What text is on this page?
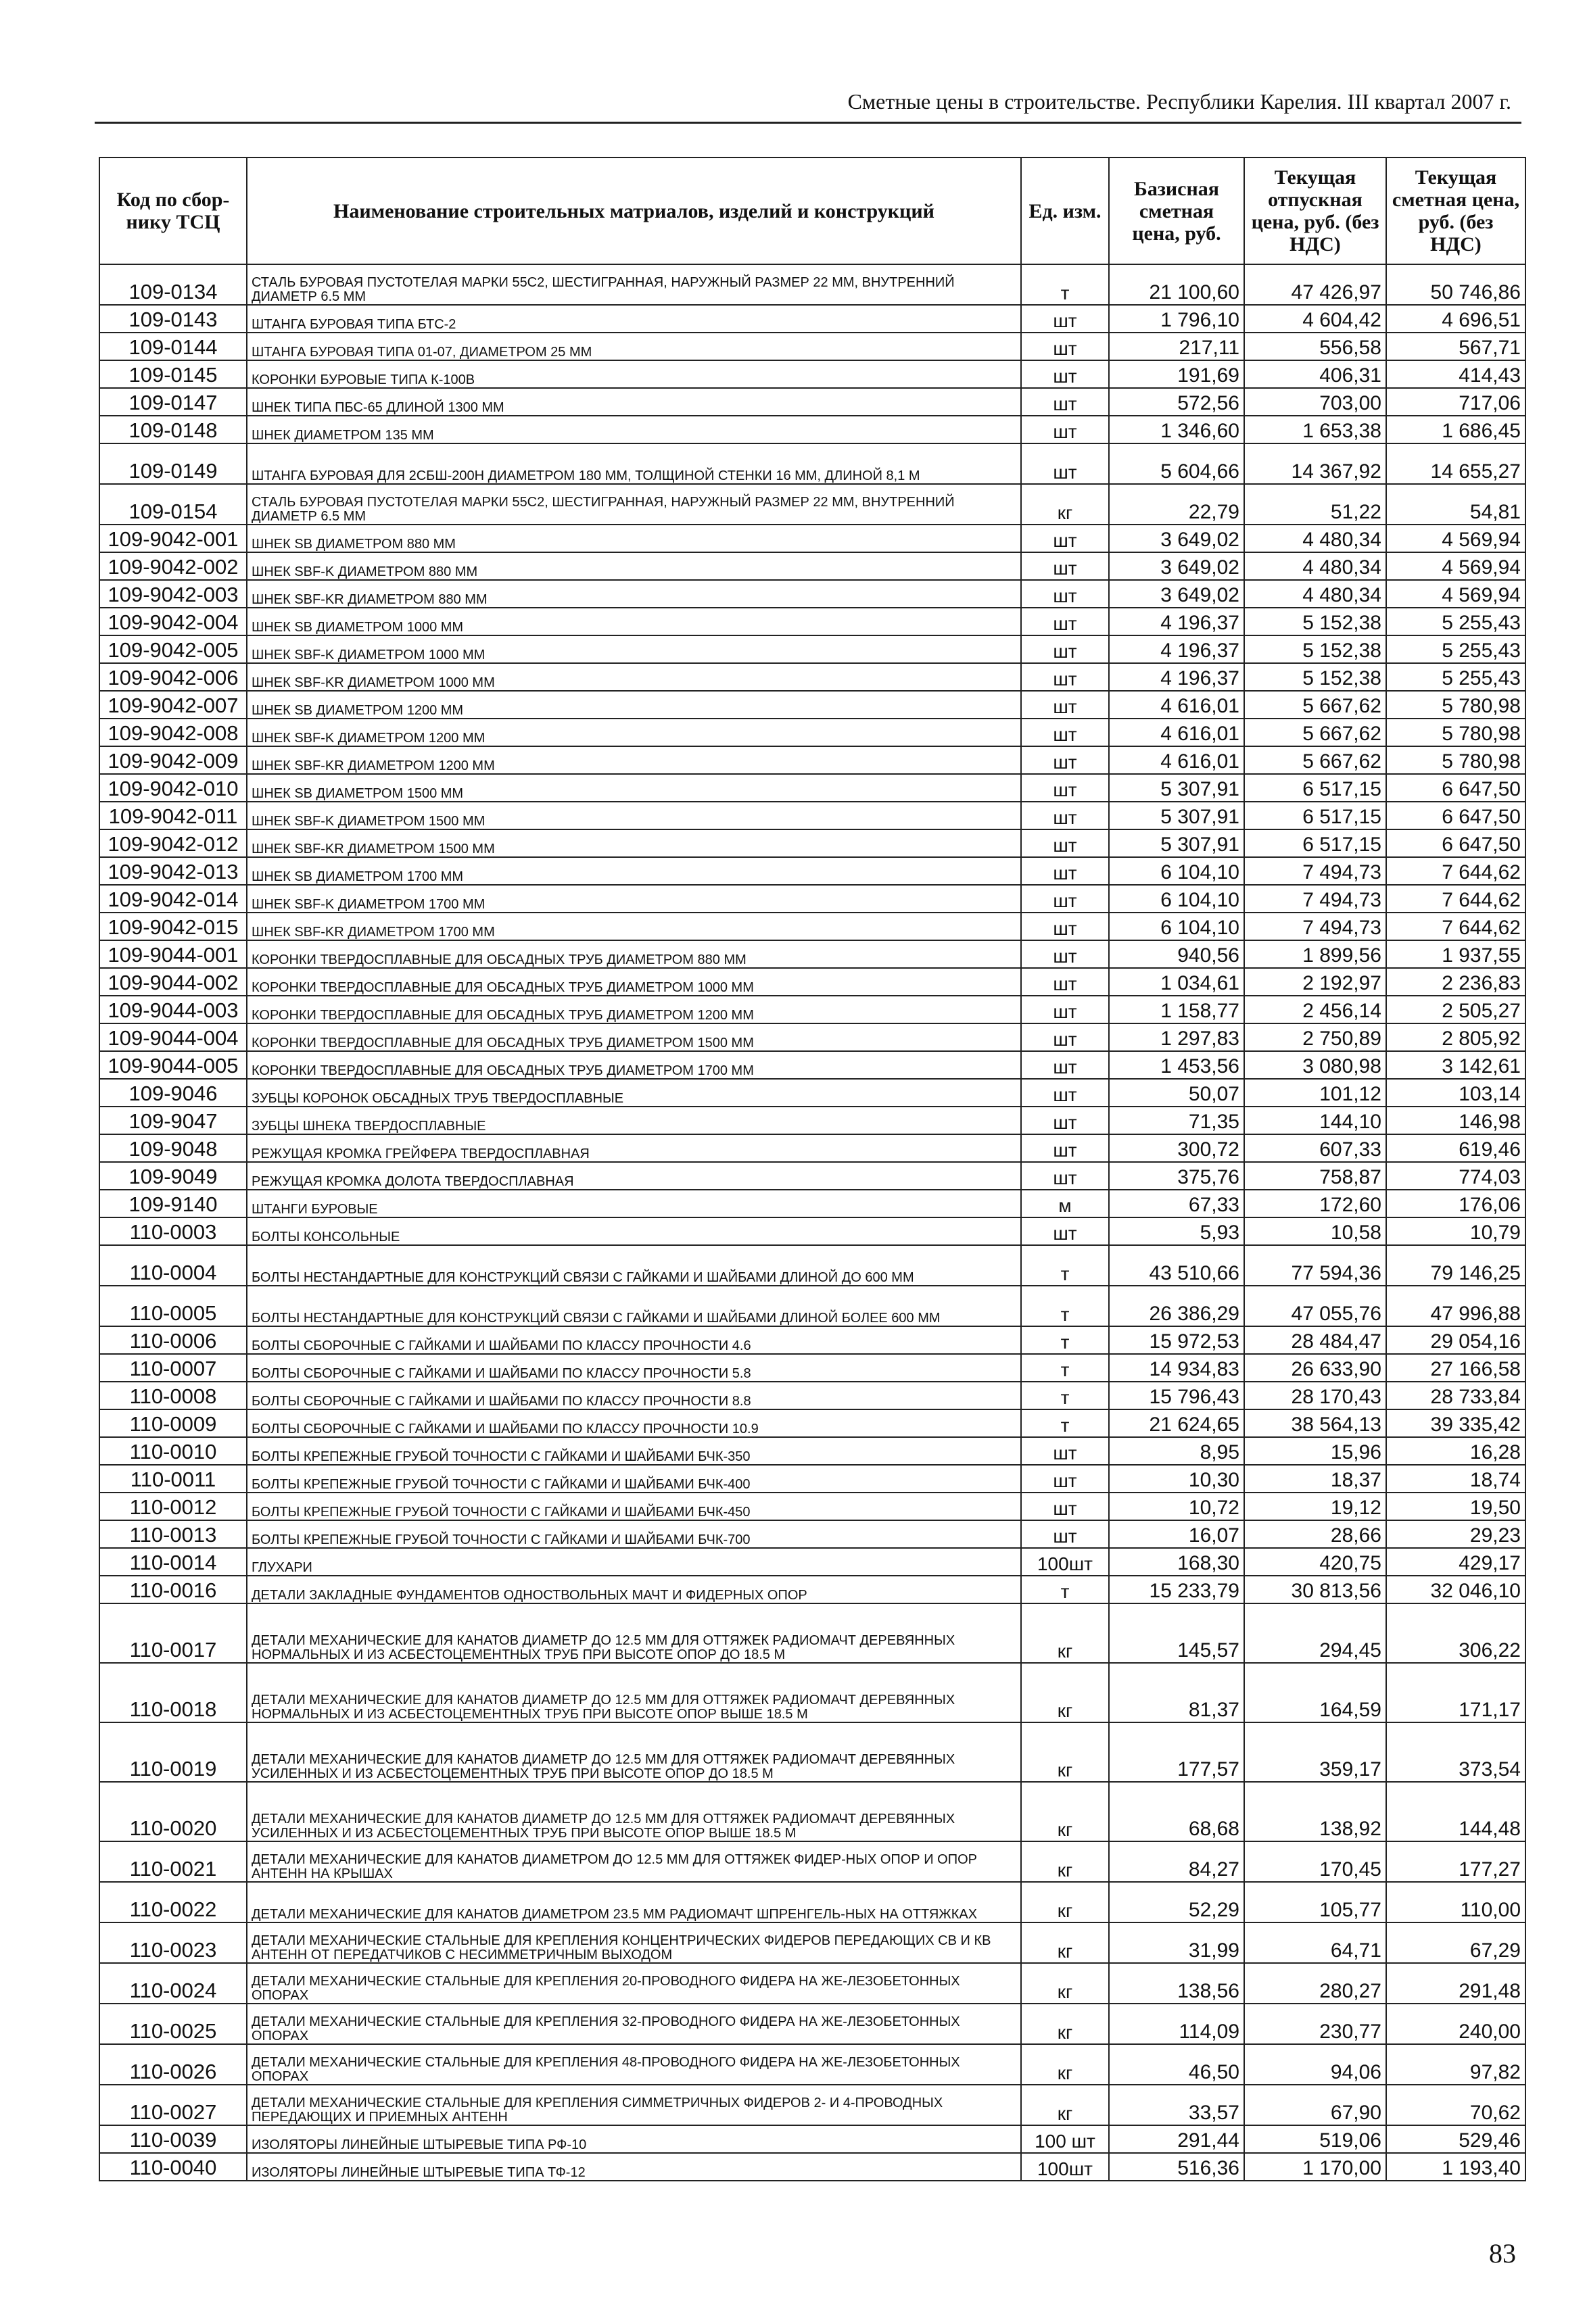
Сметные цены в строительстве. Республики Карелия. III квартал 2007 г.
Код по сбор-нику ТСЦ	Наименование строительных матриалов, изделий и конструкций	Ед. изм.	Базисная сметная цена, руб.	Текущая отпускная цена, руб. (без НДС)	Текущая сметная цена, руб. (без НДС)
109-0134	СТАЛЬ БУРОВАЯ ПУСТОТЕЛАЯ МАРКИ 55С2, ШЕСТИГРАННАЯ, НАРУЖНЫЙ РАЗМЕР 22 ММ, ВНУТРЕННИЙ ДИАМЕТР 6.5 ММ	т	21 100,60	47 426,97	50 746,86
109-0143	ШТАНГА БУРОВАЯ ТИПА БТС-2	шт	1 796,10	4 604,42	4 696,51
109-0144	ШТАНГА БУРОВАЯ ТИПА 01-07, ДИАМЕТРОМ 25 ММ	шт	217,11	556,58	567,71
109-0145	КОРОНКИ БУРОВЫЕ ТИПА К-100В	шт	191,69	406,31	414,43
109-0147	ШНЕК ТИПА ПБС-65 ДЛИНОЙ 1300 ММ	шт	572,56	703,00	717,06
109-0148	ШНЕК ДИАМЕТРОМ 135 ММ	шт	1 346,60	1 653,38	1 686,45
109-0149	ШТАНГА БУРОВАЯ ДЛЯ 2СБШ-200Н ДИАМЕТРОМ 180 ММ, ТОЛЩИНОЙ СТЕНКИ 16 ММ, ДЛИНОЙ 8,1 М	шт	5 604,66	14 367,92	14 655,27
109-0154	СТАЛЬ БУРОВАЯ ПУСТОТЕЛАЯ МАРКИ 55С2, ШЕСТИГРАННАЯ, НАРУЖНЫЙ РАЗМЕР 22 ММ, ВНУТРЕННИЙ ДИАМЕТР 6.5 ММ	кг	22,79	51,22	54,81
109-9042-001	ШНЕК SB ДИАМЕТРОМ 880 ММ	шт	3 649,02	4 480,34	4 569,94
109-9042-002	ШНЕК SBF-K ДИАМЕТРОМ 880 ММ	шт	3 649,02	4 480,34	4 569,94
109-9042-003	ШНЕК SBF-KR ДИАМЕТРОМ 880 ММ	шт	3 649,02	4 480,34	4 569,94
109-9042-004	ШНЕК SB ДИАМЕТРОМ 1000 ММ	шт	4 196,37	5 152,38	5 255,43
109-9042-005	ШНЕК SBF-K ДИАМЕТРОМ 1000 ММ	шт	4 196,37	5 152,38	5 255,43
109-9042-006	ШНЕК SBF-KR ДИАМЕТРОМ 1000 ММ	шт	4 196,37	5 152,38	5 255,43
109-9042-007	ШНЕК SB ДИАМЕТРОМ 1200 ММ	шт	4 616,01	5 667,62	5 780,98
109-9042-008	ШНЕК SBF-K ДИАМЕТРОМ 1200 ММ	шт	4 616,01	5 667,62	5 780,98
109-9042-009	ШНЕК SBF-KR ДИАМЕТРОМ 1200 ММ	шт	4 616,01	5 667,62	5 780,98
109-9042-010	ШНЕК SB ДИАМЕТРОМ 1500 ММ	шт	5 307,91	6 517,15	6 647,50
109-9042-011	ШНЕК SBF-K ДИАМЕТРОМ 1500 ММ	шт	5 307,91	6 517,15	6 647,50
109-9042-012	ШНЕК SBF-KR ДИАМЕТРОМ 1500 ММ	шт	5 307,91	6 517,15	6 647,50
109-9042-013	ШНЕК SB ДИАМЕТРОМ 1700 ММ	шт	6 104,10	7 494,73	7 644,62
109-9042-014	ШНЕК SBF-K ДИАМЕТРОМ 1700 ММ	шт	6 104,10	7 494,73	7 644,62
109-9042-015	ШНЕК SBF-KR ДИАМЕТРОМ 1700 ММ	шт	6 104,10	7 494,73	7 644,62
109-9044-001	КОРОНКИ ТВЕРДОСПЛАВНЫЕ ДЛЯ ОБСАДНЫХ ТРУБ ДИАМЕТРОМ 880 ММ	шт	940,56	1 899,56	1 937,55
109-9044-002	КОРОНКИ ТВЕРДОСПЛАВНЫЕ ДЛЯ ОБСАДНЫХ ТРУБ ДИАМЕТРОМ 1000 ММ	шт	1 034,61	2 192,97	2 236,83
109-9044-003	КОРОНКИ ТВЕРДОСПЛАВНЫЕ ДЛЯ ОБСАДНЫХ ТРУБ ДИАМЕТРОМ 1200 ММ	шт	1 158,77	2 456,14	2 505,27
109-9044-004	КОРОНКИ ТВЕРДОСПЛАВНЫЕ ДЛЯ ОБСАДНЫХ ТРУБ ДИАМЕТРОМ 1500 ММ	шт	1 297,83	2 750,89	2 805,92
109-9044-005	КОРОНКИ ТВЕРДОСПЛАВНЫЕ ДЛЯ ОБСАДНЫХ ТРУБ ДИАМЕТРОМ 1700 ММ	шт	1 453,56	3 080,98	3 142,61
109-9046	ЗУБЦЫ КОРОНОК ОБСАДНЫХ ТРУБ ТВЕРДОСПЛАВНЫЕ	шт	50,07	101,12	103,14
109-9047	ЗУБЦЫ ШНЕКА ТВЕРДОСПЛАВНЫЕ	шт	71,35	144,10	146,98
109-9048	РЕЖУЩАЯ КРОМКА ГРЕЙФЕРА ТВЕРДОСПЛАВНАЯ	шт	300,72	607,33	619,46
109-9049	РЕЖУЩАЯ КРОМКА ДОЛОТА ТВЕРДОСПЛАВНАЯ	шт	375,76	758,87	774,03
109-9140	ШТАНГИ БУРОВЫЕ	м	67,33	172,60	176,06
110-0003	БОЛТЫ КОНСОЛЬНЫЕ	шт	5,93	10,58	10,79
110-0004	БОЛТЫ НЕСТАНДАРТНЫЕ ДЛЯ КОНСТРУКЦИЙ СВЯЗИ С ГАЙКАМИ И ШАЙБАМИ ДЛИНОЙ ДО 600 ММ	т	43 510,66	77 594,36	79 146,25
110-0005	БОЛТЫ НЕСТАНДАРТНЫЕ ДЛЯ КОНСТРУКЦИЙ СВЯЗИ С ГАЙКАМИ И ШАЙБАМИ ДЛИНОЙ БОЛЕЕ 600 ММ	т	26 386,29	47 055,76	47 996,88
110-0006	БОЛТЫ СБОРОЧНЫЕ С ГАЙКАМИ И ШАЙБАМИ ПО КЛАССУ ПРОЧНОСТИ 4.6	т	15 972,53	28 484,47	29 054,16
110-0007	БОЛТЫ СБОРОЧНЫЕ С ГАЙКАМИ И ШАЙБАМИ ПО КЛАССУ ПРОЧНОСТИ 5.8	т	14 934,83	26 633,90	27 166,58
110-0008	БОЛТЫ СБОРОЧНЫЕ С ГАЙКАМИ И ШАЙБАМИ ПО КЛАССУ ПРОЧНОСТИ 8.8	т	15 796,43	28 170,43	28 733,84
110-0009	БОЛТЫ СБОРОЧНЫЕ С ГАЙКАМИ И ШАЙБАМИ ПО КЛАССУ ПРОЧНОСТИ 10.9	т	21 624,65	38 564,13	39 335,42
110-0010	БОЛТЫ КРЕПЕЖНЫЕ ГРУБОЙ ТОЧНОСТИ С ГАЙКАМИ И ШАЙБАМИ БЧК-350	шт	8,95	15,96	16,28
110-0011	БОЛТЫ КРЕПЕЖНЫЕ ГРУБОЙ ТОЧНОСТИ С ГАЙКАМИ И ШАЙБАМИ БЧК-400	шт	10,30	18,37	18,74
110-0012	БОЛТЫ КРЕПЕЖНЫЕ ГРУБОЙ ТОЧНОСТИ С ГАЙКАМИ И ШАЙБАМИ БЧК-450	шт	10,72	19,12	19,50
110-0013	БОЛТЫ КРЕПЕЖНЫЕ ГРУБОЙ ТОЧНОСТИ С ГАЙКАМИ И ШАЙБАМИ БЧК-700	шт	16,07	28,66	29,23
110-0014	ГЛУХАРИ	100шт	168,30	420,75	429,17
110-0016	ДЕТАЛИ ЗАКЛАДНЫЕ ФУНДАМЕНТОВ ОДНОСТВОЛЬНЫХ МАЧТ И ФИДЕРНЫХ ОПОР	т	15 233,79	30 813,56	32 046,10
110-0017	ДЕТАЛИ МЕХАНИЧЕСКИЕ ДЛЯ КАНАТОВ ДИАМЕТР ДО 12.5 ММ ДЛЯ ОТТЯЖЕК РАДИОМАЧТ ДЕРЕВЯННЫХ НОРМАЛЬНЫХ И ИЗ АСБЕСТОЦЕМЕНТНЫХ ТРУБ ПРИ ВЫСОТЕ ОПОР ДО 18.5 М	кг	145,57	294,45	306,22
110-0018	ДЕТАЛИ МЕХАНИЧЕСКИЕ ДЛЯ КАНАТОВ ДИАМЕТР ДО 12.5 ММ ДЛЯ ОТТЯЖЕК РАДИОМАЧТ ДЕРЕВЯННЫХ НОРМАЛЬНЫХ И ИЗ АСБЕСТОЦЕМЕНТНЫХ ТРУБ ПРИ ВЫСОТЕ ОПОР ВЫШЕ 18.5 М	кг	81,37	164,59	171,17
110-0019	ДЕТАЛИ МЕХАНИЧЕСКИЕ ДЛЯ КАНАТОВ ДИАМЕТР ДО 12.5 ММ ДЛЯ ОТТЯЖЕК РАДИОМАЧТ ДЕРЕВЯННЫХ УСИЛЕННЫХ И ИЗ АСБЕСТОЦЕМЕНТНЫХ ТРУБ ПРИ ВЫСОТЕ ОПОР ДО 18.5 М	кг	177,57	359,17	373,54
110-0020	ДЕТАЛИ МЕХАНИЧЕСКИЕ ДЛЯ КАНАТОВ ДИАМЕТР ДО 12.5 ММ ДЛЯ ОТТЯЖЕК РАДИОМАЧТ ДЕРЕВЯННЫХ УСИЛЕННЫХ И ИЗ АСБЕСТОЦЕМЕНТНЫХ ТРУБ ПРИ ВЫСОТЕ ОПОР ВЫШЕ 18.5 М	кг	68,68	138,92	144,48
110-0021	ДЕТАЛИ МЕХАНИЧЕСКИЕ ДЛЯ КАНАТОВ ДИАМЕТРОМ ДО 12.5 ММ ДЛЯ ОТТЯЖЕК ФИДЕР-НЫХ ОПОР И ОПОР АНТЕНН НА КРЫШАХ	кг	84,27	170,45	177,27
110-0022	ДЕТАЛИ МЕХАНИЧЕСКИЕ ДЛЯ КАНАТОВ ДИАМЕТРОМ 23.5 ММ РАДИОМАЧТ ШПРЕНГЕЛЬ-НЫХ НА ОТТЯЖКАХ	кг	52,29	105,77	110,00
110-0023	ДЕТАЛИ МЕХАНИЧЕСКИЕ СТАЛЬНЫЕ ДЛЯ КРЕПЛЕНИЯ КОНЦЕНТРИЧЕСКИХ ФИДЕРОВ ПЕРЕДАЮЩИХ СВ И КВ АНТЕНН ОТ ПЕРЕДАТЧИКОВ С НЕСИММЕТРИЧНЫМ ВЫХОДОМ	кг	31,99	64,71	67,29
110-0024	ДЕТАЛИ МЕХАНИЧЕСКИЕ СТАЛЬНЫЕ ДЛЯ КРЕПЛЕНИЯ 20-ПРОВОДНОГО ФИДЕРА НА ЖЕ-ЛЕЗОБЕТОННЫХ ОПОРАХ	кг	138,56	280,27	291,48
110-0025	ДЕТАЛИ МЕХАНИЧЕСКИЕ СТАЛЬНЫЕ ДЛЯ КРЕПЛЕНИЯ 32-ПРОВОДНОГО ФИДЕРА НА ЖЕ-ЛЕЗОБЕТОННЫХ ОПОРАХ	кг	114,09	230,77	240,00
110-0026	ДЕТАЛИ МЕХАНИЧЕСКИЕ СТАЛЬНЫЕ ДЛЯ КРЕПЛЕНИЯ 48-ПРОВОДНОГО ФИДЕРА НА ЖЕ-ЛЕЗОБЕТОННЫХ ОПОРАХ	кг	46,50	94,06	97,82
110-0027	ДЕТАЛИ МЕХАНИЧЕСКИЕ СТАЛЬНЫЕ ДЛЯ КРЕПЛЕНИЯ СИММЕТРИЧНЫХ ФИДЕРОВ 2- И 4-ПРОВОДНЫХ ПЕРЕДАЮЩИХ И ПРИЕМНЫХ АНТЕНН	кг	33,57	67,90	70,62
110-0039	ИЗОЛЯТОРЫ ЛИНЕЙНЫЕ ШТЫРЕВЫЕ ТИПА РФ-10	100 шт	291,44	519,06	529,46
110-0040	ИЗОЛЯТОРЫ ЛИНЕЙНЫЕ ШТЫРЕВЫЕ ТИПА ТФ-12	100шт	516,36	1 170,00	1 193,40
83
